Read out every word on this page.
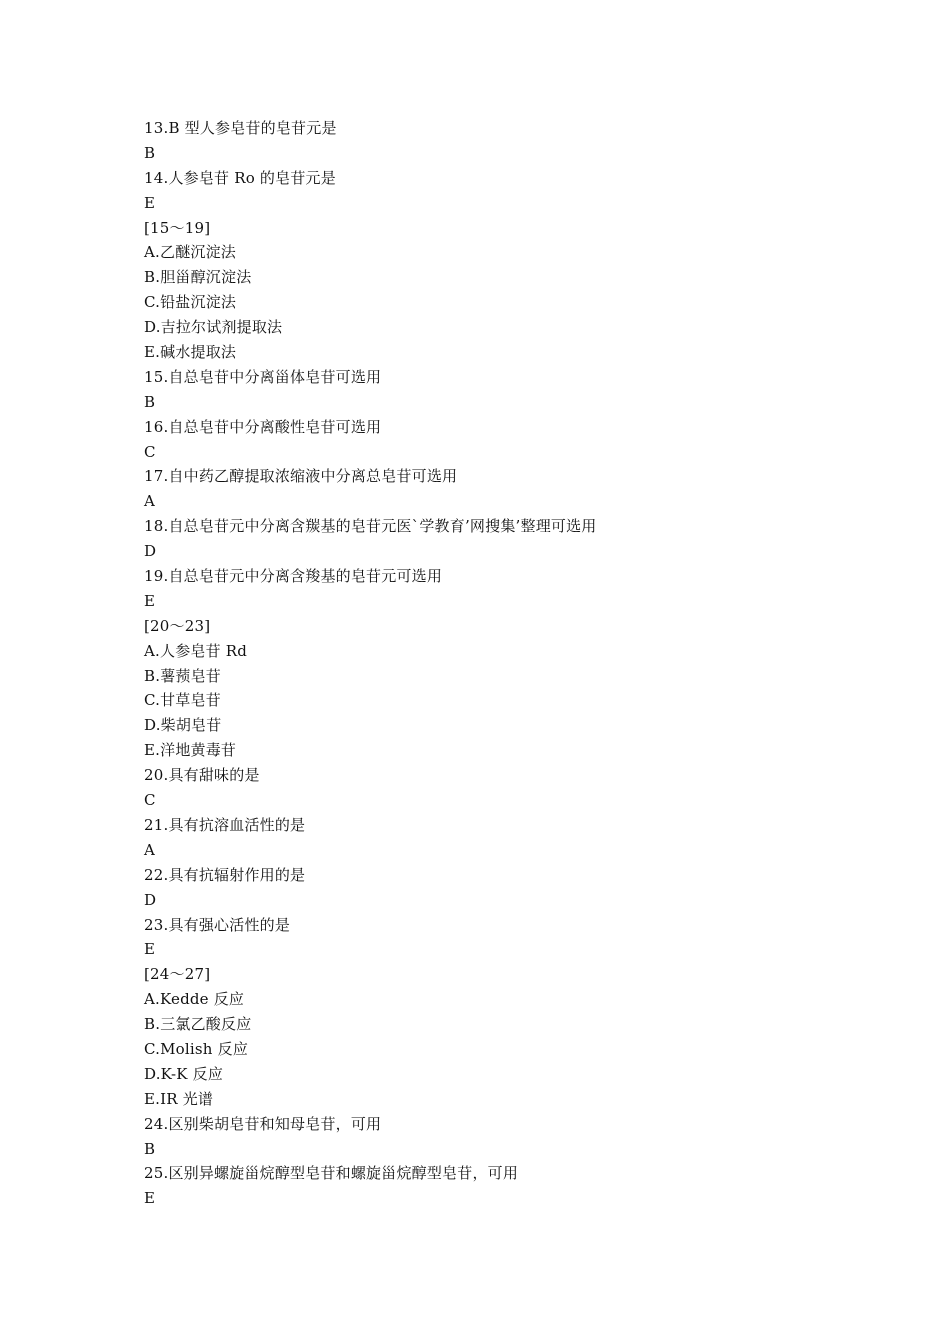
13.B 型人参皂苷的皂苷元是
B
14.人参皂苷 Ro 的皂苷元是
E
[15～19]
A.乙醚沉淀法
B.胆甾醇沉淀法
C.铅盐沉淀法
D.吉拉尔试剂提取法
E.碱水提取法
15.自总皂苷中分离甾体皂苷可选用
B
16.自总皂苷中分离酸性皂苷可选用
C
17.自中药乙醇提取浓缩液中分离总皂苷可选用
A
18.自总皂苷元中分离含羰基的皂苷元医`学教育’网搜集’整理可选用
D
19.自总皂苷元中分离含羧基的皂苷元可选用
E
[20～23]
A.人参皂苷 Rd
B.薯蓣皂苷
C.甘草皂苷
D.柴胡皂苷
E.洋地黄毒苷
20.具有甜味的是
C
21.具有抗溶血活性的是
A
22.具有抗辐射作用的是
D
23.具有强心活性的是
E
[24～27]
A.Kedde 反应
B.三氯乙酸反应
C.Molish 反应
D.K-K 反应
E.IR 光谱
24.区别柴胡皂苷和知母皂苷，可用
B
25.区别异螺旋甾烷醇型皂苷和螺旋甾烷醇型皂苷，可用
E
